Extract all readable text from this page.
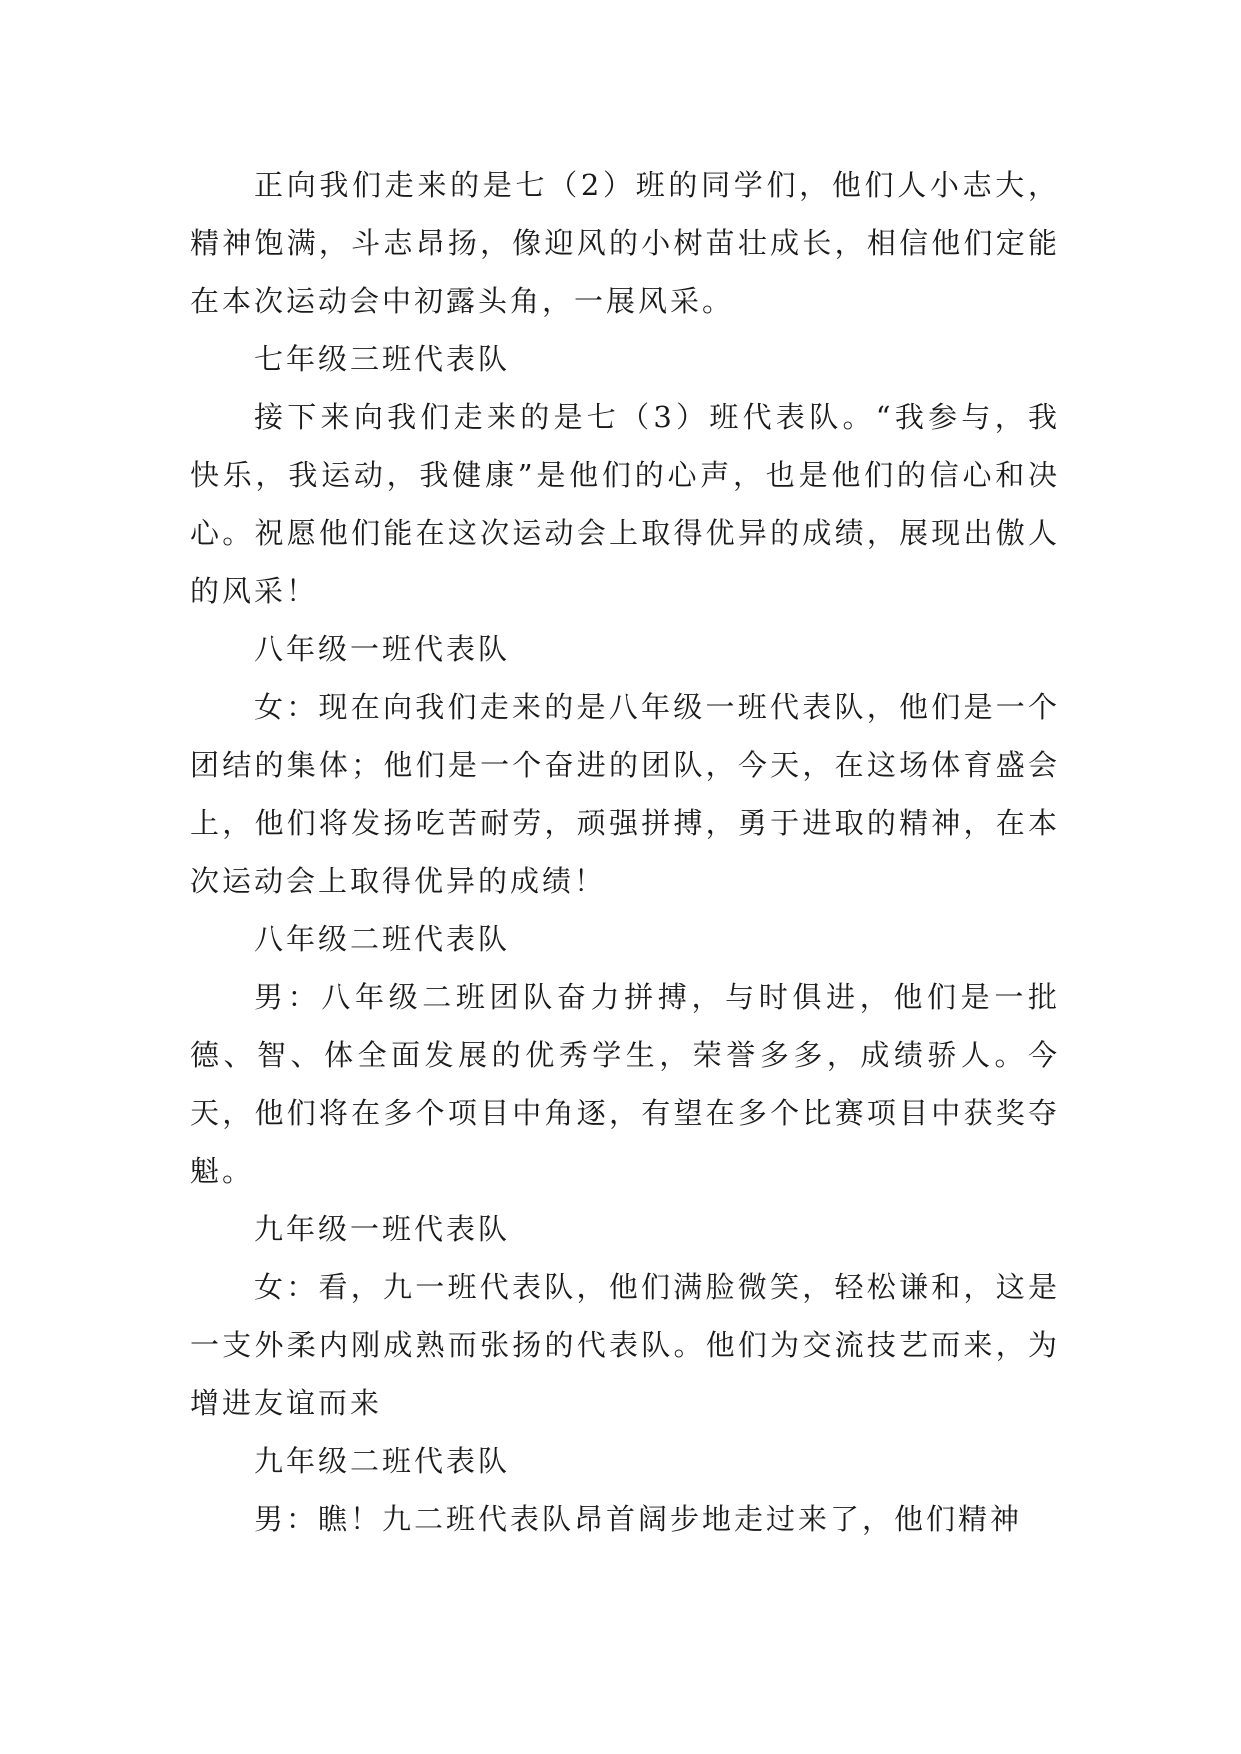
正向我们走来的是七（2）班的同学们，他们人小志大，精神饱满，斗志昂扬，像迎风的小树苗壮成长，相信他们定能在本次运动会中初露头角，一展风采。

七年级三班代表队

接下来向我们走来的是七（3）班代表队。“我参与，我快乐，我运动，我健康”是他们的心声，也是他们的信心和决心。祝愿他们能在这次运动会上取得优异的成绩，展现出傲人的风采！

八年级一班代表队

女：现在向我们走来的是八年级一班代表队，他们是一个团结的集体；他们是一个奋进的团队，今天，在这场体育盛会上，他们将发扬吃苦耐劳，顽强拼搏，勇于进取的精神，在本次运动会上取得优异的成绩！

八年级二班代表队

男：八年级二班团队奋力拼搏，与时俱进，他们是一批德、智、体全面发展的优秀学生，荣誉多多，成绩骄人。今天，他们将在多个项目中角逐，有望在多个比赛项目中获奖夺魁。

九年级一班代表队

女：看，九一班代表队，他们满脸微笑，轻松谦和，这是一支外柔内刚成熟而张扬的代表队。他们为交流技艺而来，为增进友谊而来

九年级二班代表队

男：瞧！九二班代表队昂首阔步地走过来了，他们精神
